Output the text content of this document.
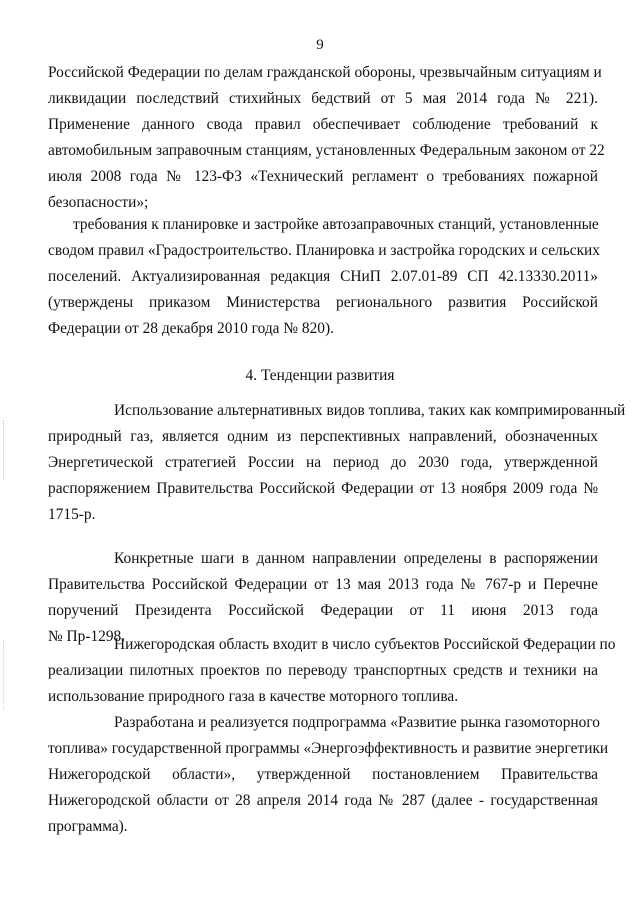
9
Российской Федерации по делам гражданской обороны, чрезвычайным ситуациям и
ликвидации последствий стихийных бедствий от 5 мая 2014 года № 221).
Применение данного свода правил обеспечивает соблюдение требований к
автомобильным заправочным станциям, установленных Федеральным законом от 22
июля 2008 года № 123-ФЗ «Технический регламент о требованиях пожарной
безопасности»;
требования к планировке и застройке автозаправочных станций, установленные
сводом правил «Градостроительство. Планировка и застройка городских и сельских
поселений. Актуализированная редакция СНиП 2.07.01-89 СП 42.13330.2011»
(утверждены приказом Министерства регионального развития Российской
Федерации от 28 декабря 2010 года № 820).
4. Тенденции развития
Использование альтернативных видов топлива, таких как компримированный
природный газ, является одним из перспективных направлений, обозначенных
Энергетической стратегией России на период до 2030 года, утвержденной
распоряжением Правительства Российской Федерации от 13 ноября 2009 года №
1715-р.
Конкретные шаги в данном направлении определены в распоряжении
Правительства Российской Федерации от 13 мая 2013 года № 767-р и Перечне
поручений Президента Российской Федерации от 11 июня 2013 года
№ Пр-1298.
Нижегородская область входит в число субъектов Российской Федерации по
реализации пилотных проектов по переводу транспортных средств и техники на
использование природного газа в качестве моторного топлива.
Разработана и реализуется подпрограмма «Развитие рынка газомоторного
топлива» государственной программы «Энергоэффективность и развитие энергетики
Нижегородской области», утвержденной постановлением Правительства
Нижегородской области от 28 апреля 2014 года № 287 (далее - государственная
программа).
